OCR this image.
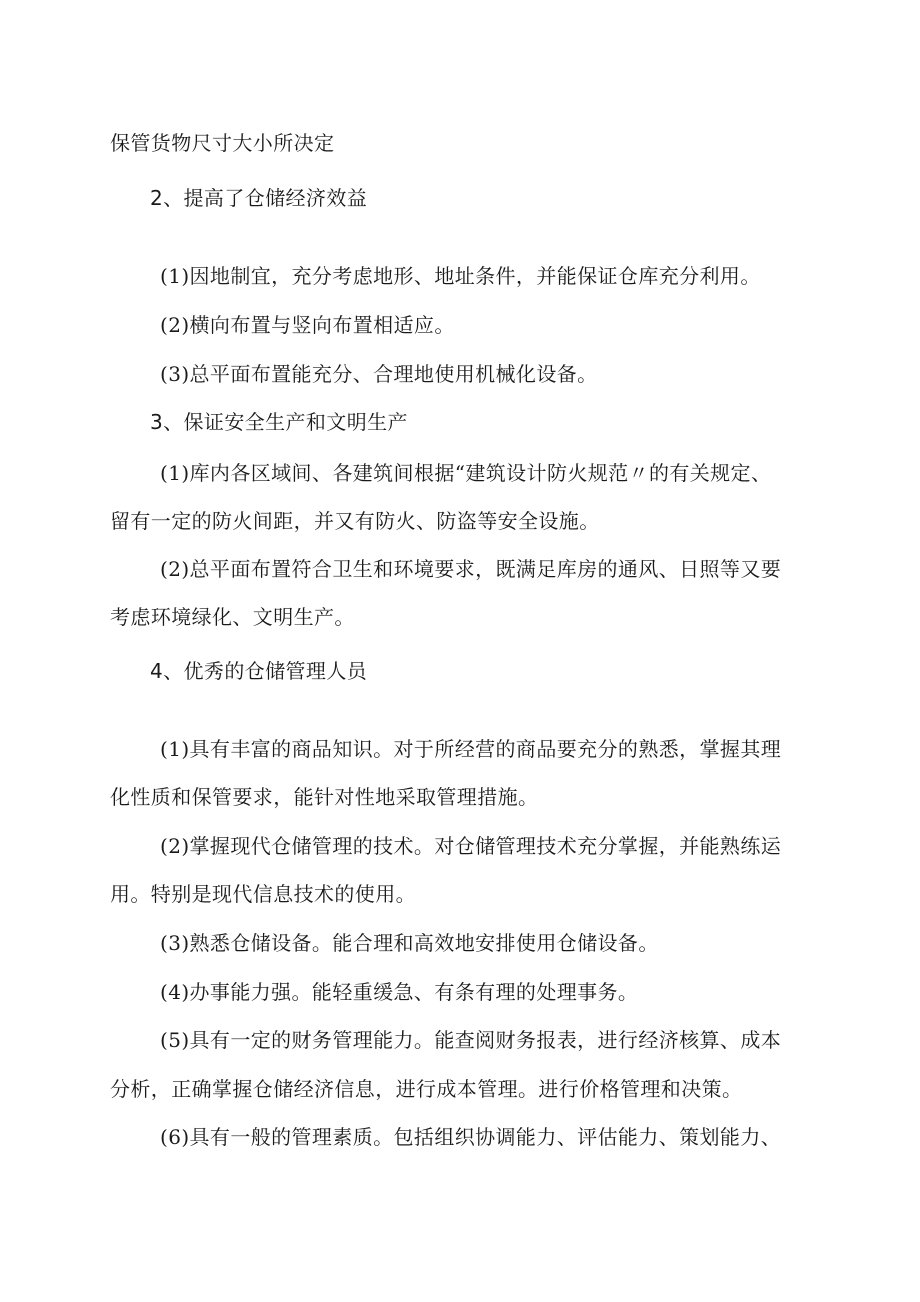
保管货物尺寸大小所决定
2、提高了仓储经济效益
(1)因地制宜，充分考虑地形、地址条件，并能保证仓库充分利用。
(2)横向布置与竖向布置相适应。
(3)总平面布置能充分、合理地使用机械化设备。
3、保证安全生产和文明生产
(1)库内各区域间、各建筑间根据“建筑设计防火规范〃的有关规定、
留有一定的防火间距，并又有防火、防盗等安全设施。
(2)总平面布置符合卫生和环境要求，既满足库房的通风、日照等又要
考虑环境绿化、文明生产。
4、优秀的仓储管理人员
(1)具有丰富的商品知识。对于所经营的商品要充分的熟悉，掌握其理
化性质和保管要求，能针对性地采取管理措施。
(2)掌握现代仓储管理的技术。对仓储管理技术充分掌握，并能熟练运
用。特别是现代信息技术的使用。
(3)熟悉仓储设备。能合理和高效地安排使用仓储设备。
(4)办事能力强。能轻重缓急、有条有理的处理事务。
(5)具有一定的财务管理能力。能查阅财务报表，进行经济核算、成本
分析，正确掌握仓储经济信息，进行成本管理。进行价格管理和决策。
(6)具有一般的管理素质。包括组织协调能力、评估能力、策划能力、
